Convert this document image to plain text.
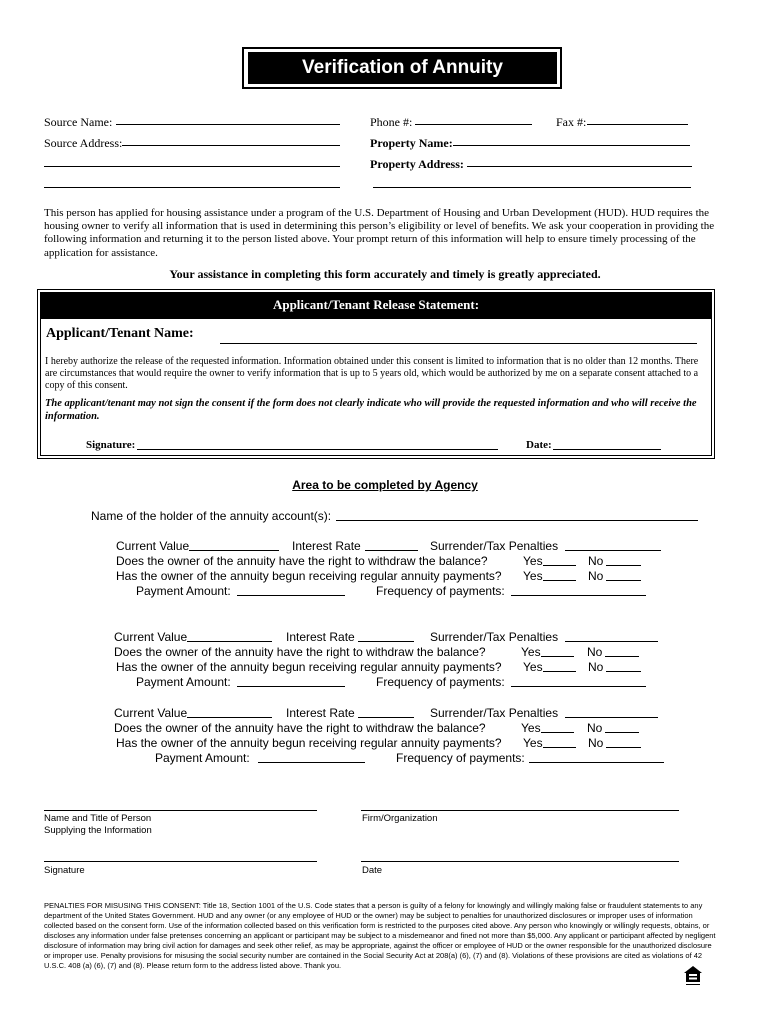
Verification of Annuity
Source Name:	Phone #:	Fax #:
Source Address:	Property Name:
Property Address:
This person has applied for housing assistance under a program of the U.S. Department of Housing and Urban Development (HUD). HUD requires the housing owner to verify all information that is used in determining this person’s eligibility or level of benefits. We ask your cooperation in providing the following information and returning it to the person listed above. Your prompt return of this information will help to ensure timely processing of the application for assistance.
Your assistance in completing this form accurately and timely is greatly appreciated.
Applicant/Tenant Release Statement:
Applicant/Tenant Name:
I hereby authorize the release of the requested information. Information obtained under this consent is limited to information that is no older than 12 months. There are circumstances that would require the owner to verify information that is up to 5 years old, which would be authorized by me on a separate consent attached to a copy of this consent.
The applicant/tenant may not sign the consent if the form does not clearly indicate who will provide the requested information and who will receive the information.
Signature:	Date:
Area to be completed by Agency
Name of the holder of the annuity account(s):
Current Value	Interest Rate	Surrender/Tax Penalties
Does the owner of the annuity have the right to withdraw the balance?	Yes	No
Has the owner of the annuity begun receiving regular annuity payments? Yes	No
Payment Amount:	Frequency of payments:
Current Value	Interest Rate	Surrender/Tax Penalties
Does the owner of the annuity have the right to withdraw the balance?	Yes	No
Has the owner of the annuity begun receiving regular annuity payments? Yes	No
Payment Amount:	Frequency of payments:
Current Value	Interest Rate	Surrender/Tax Penalties
Does the owner of the annuity have the right to withdraw the balance?	Yes	No
Has the owner of the annuity begun receiving regular annuity payments? Yes	No
Payment Amount:	Frequency of payments:
Name and Title of Person
Supplying the Information
Firm/Organization
Signature	Date
PENALTIES FOR MISUSING THIS CONSENT: Title 18, Section 1001 of the U.S. Code states that a person is guilty of a felony for knowingly and willingly making false or fraudulent statements to any department of the United States Government. HUD and any owner (or any employee of HUD or the owner) may be subject to penalties for unauthorized disclosures or improper uses of information collected based on the consent form. Use of the information collected based on this verification form is restricted to the purposes cited above. Any person who knowingly or willingly requests, obtains, or discloses any information under false pretenses concerning an applicant or participant may be subject to a misdemeanor and fined not more than $5,000. Any applicant or participant affected by negligent disclosure of information may bring civil action for damages and seek other relief, as may be appropriate, against the officer or employee of HUD or the owner responsible for the unauthorized disclosure or improper use. Penalty provisions for misusing the social security number are contained in the Social Security Act at 208(a) (6), (7) and (8). Violations of these provisions are cited as violations of 42 U.S.C. 408 (a) (6), (7) and (8). Please return form to the address listed above. Thank you.
